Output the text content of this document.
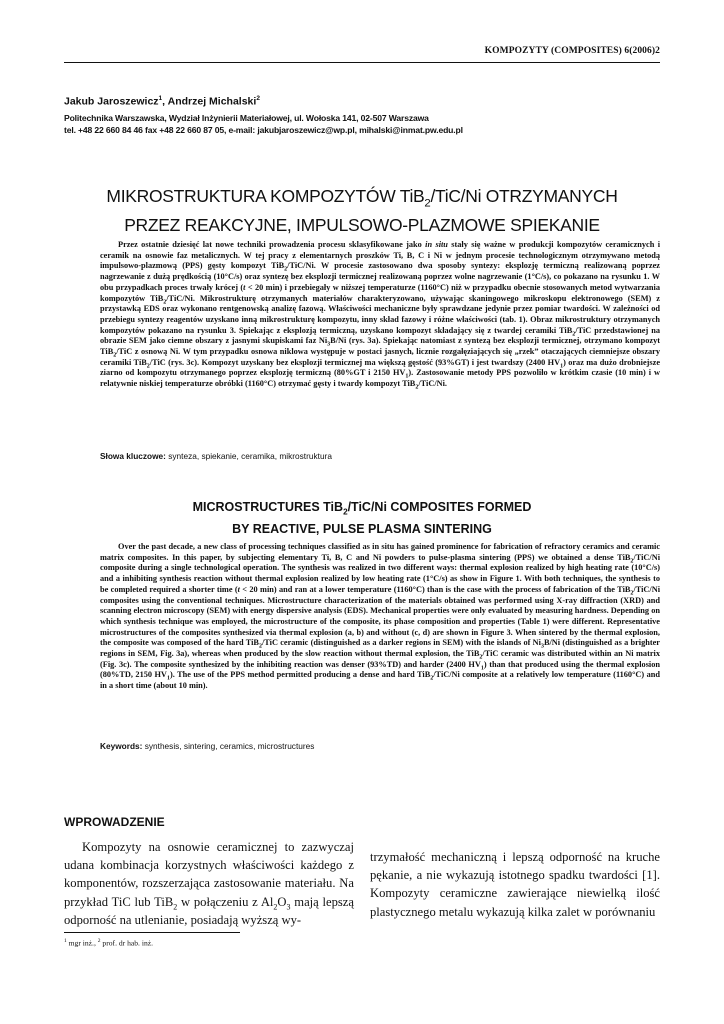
KOMPOZYTY (COMPOSITES) 6(2006)2
Jakub Jaroszewicz$^1$, Andrzej Michalski$^2$
Politechnika Warszawska, Wydział Inżynierii Materiałowej, ul. Wołoska 141, 02-507 Warszawa
tel. +48 22 660 84 46 fax +48 22 660 87 05, e-mail: jakubjaroszewicz@wp.pl, mihalski@inmat.pw.edu.pl
MIKROSTRUKTURA KOMPOZYTÓW TiB$_2$/TiC/Ni OTRZYMANYCH
PRZEZ REAKCYJNE, IMPULSOWO-PLAZMOWE SPIEKANIE

Przez ostatnie dziesięć lat nowe techniki prowadzenia procesu sklasyfikowane jako in situ stały się ważne w produkcji kompozytów ceramicznych i ceramik na osnowie faz metalicznych. W tej pracy z elementarnych proszków Ti, B, C i Ni w jednym procesie technologicznym otrzymywano metodą impulsowo-plazmową (PPS) gęsty kompozyt TiB$_2$/TiC/Ni. W procesie zastosowano dwa sposoby syntezy: eksplozję termiczną realizowaną poprzez nagrzewanie z dużą prędkością (10°C/s) oraz syntezę bez eksplozji termicznej realizowaną poprzez wolne nagrzewanie (1°C/s), co pokazano na rysunku 1. W obu przypadkach proces trwały krócej (t < 20 min) i przebiegały w niższej temperaturze (1160°C) niż w przypadku obecnie stosowanych metod wytwarzania kompozytów TiB$_2$/TiC/Ni. Mikrostrukturę otrzymanych materiałów charakteryzowano, używając skaningowego mikroskopu elektronowego (SEM) z przystawką EDS oraz wykonano rentgenowską analizę fazową. Właściwości mechaniczne były sprawdzane jedynie przez pomiar twardości. W zależności od przebiegu syntezy reagentów uzyskano inną mikrostrukturę kompozytu, inny skład fazowy i różne właściwości (tab. 1). Obraz mikrostruktury otrzymanych kompozytów pokazano na rysunku 3. Spiekając z eksplozją termiczną, uzyskano kompozyt składający się z twardej ceramiki TiB$_2$/TiC przedstawionej na obrazie SEM jako ciemne obszary z jasnymi skupiskami faz $Ni_3B/Ni$ (rys. 3a). Spiekając natomiast z syntezą bez eksplozji termicznej, otrzymano kompozyt TiB$_2$/TiC z osnową Ni. W tym przypadku osnowa niklowa występuje w postaci jasnych, licznie rozgałęziających się „rzek” otaczających ciemniejsze obszary ceramiki TiB$_2$/TiC (rys. 3c). Kompozyt uzyskany bez eksplozji termicznej ma większą gęstość (93%GT) i jest twardszy (2400 $HV_1$) oraz ma dużo drobniejsze ziarno od kompozytu otrzymanego poprzez eksplozję termiczną (80%GT i 2150 $HV_1$). Zastosowanie metody PPS pozwoliło w krótkim czasie (10 min) i w relatywnie niskiej temperaturze obróbki (1160°C) otrzymać gęsty i twardy kompozyt TiB$_2$/TiC/Ni.

Słowa kluczowe: synteza, spiekanie, ceramika, mikrostruktura
MICROSTRUCTURES TiB$_2$/TiC/Ni COMPOSITES FORMED
BY REACTIVE, PULSE PLASMA SINTERING

Over the past decade, a new class of processing techniques classified as in situ has gained prominence for fabrication of refractory ceramics and ceramic matrix composites. In this paper, by subjecting elementary Ti, B, C and Ni powders to pulse-plasma sintering (PPS) we obtained a dense TiB$_2$/TiC/Ni composite during a single technological operation. The synthesis was realized in two different ways: thermal explosion realized by high heating rate (10°C/s) and a inhibiting synthesis reaction without thermal explosion realized by low heating rate (1°C/s) as show in Figure 1. With both techniques, the synthesis to be completed required a shorter time (t < 20 min) and ran at a lower temperature (1160°C) than is the case with the process of fabrication of the TiB$_2$/TiC/Ni composites using the conventional techniques. Microstructure characterization of the materials obtained was performed using X-ray diffraction (XRD) and scanning electron microscopy (SEM) with energy dispersive analysis (EDS). Mechanical properties were only evaluated by measuring hardness. Depending on which synthesis technique was employed, the microstructure of the composite, its phase composition and properties (Table 1) were different. Representative microstructures of the composites synthesized via thermal explosion (a, b) and without (c, d) are shown in Figure 3. When sintered by the thermal explosion, the composite was composed of the hard TiB$_2$/TiC ceramic (distinguished as a darker regions in SEM) with the islands of $Ni_3B/Ni$ (distinguished as a brighter regions in SEM, Fig. 3a), whereas when produced by the slow reaction without thermal explosion, the TiB$_2$/TiC ceramic was distributed within an Ni matrix (Fig. 3c). The composite synthesized by the inhibiting reaction was denser (93%TD) and harder (2400 $HV_1$) than that produced using the thermal explosion (80%TD, 2150 $HV_1$). The use of the PPS method permitted producing a dense and hard TiB$_2$/TiC/Ni composite at a relatively low temperature (1160°C) and in a short time (about 10 min).

Keywords: synthesis, sintering, ceramics, microstructures
WPROWADZENIE

Kompozyty na osnowie ceramicznej to zazwyczaj udana kombinacja korzystnych właściwości każdego z komponentów, rozszerzająca zastosowanie materiału. Na przykład TiC lub TiB$_2$ w połączeniu z $Al_2O_3$ mają lepszą odporność na utlenianie, posiadają wyższą wy-

trzymałość mechaniczną i lepszą odporność na kruche pękanie, a nie wykazują istotnego spadku twardości [1]. Kompozyty ceramiczne zawierające niewielką ilość plastycznego metalu wykazują kilka zalet w porównaniu

$^1$ mgr inż., $^2$ prof. dr hab. inż.
